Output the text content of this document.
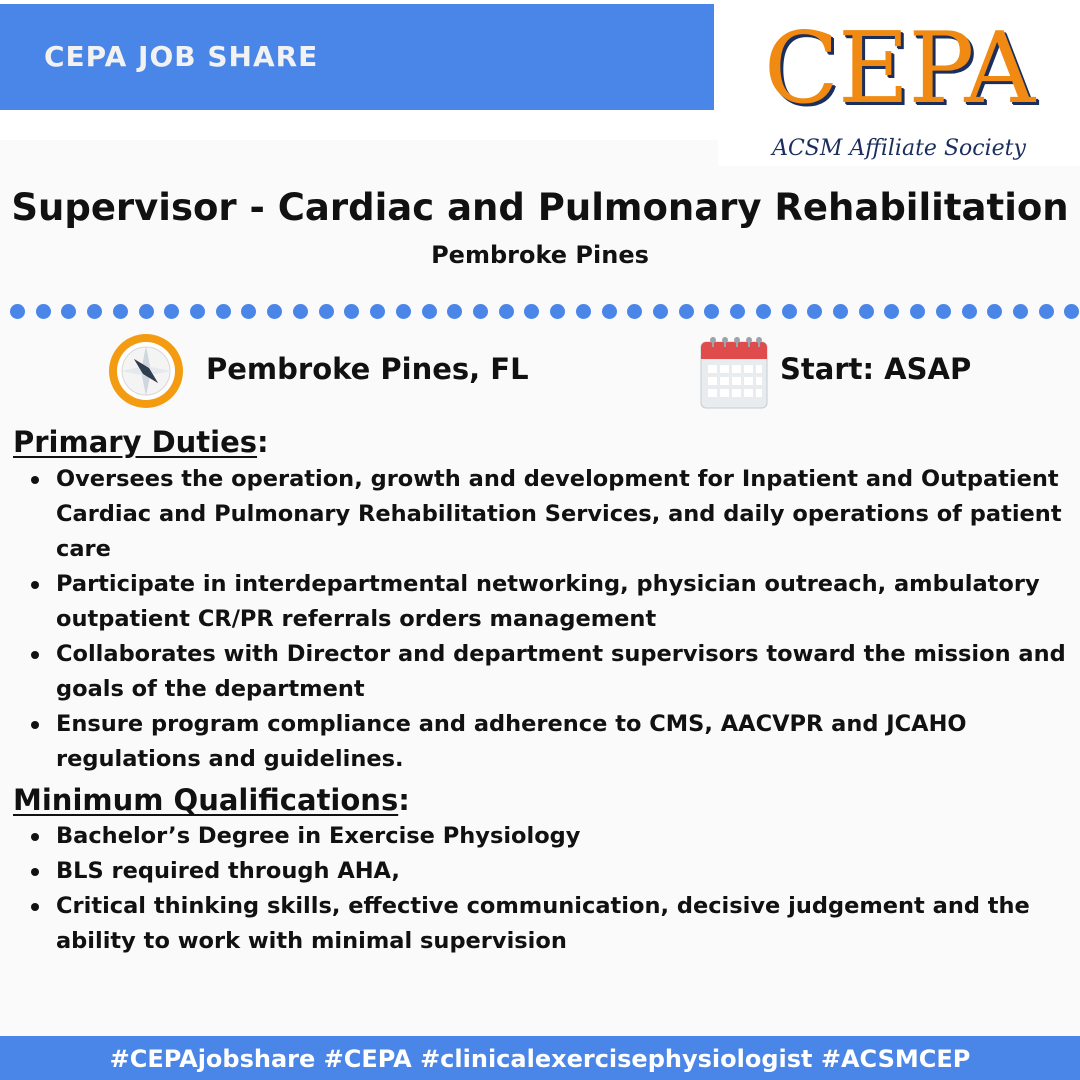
CEPA JOB SHARE	CEPA
ACSM Affiliate Society
Supervisor - Cardiac and Pulmonary Rehabilitation
Pembroke Pines
Pembroke Pines, FL	Start: ASAP
Primary Duties:
Oversees the operation, growth and development for Inpatient and Outpatient Cardiac and Pulmonary Rehabilitation Services, and daily operations of patient care
Participate in interdepartmental networking, physician outreach, ambulatory outpatient CR/PR referrals orders management
Collaborates with Director and department supervisors toward the mission and goals of the department
Ensure program compliance and adherence to CMS, AACVPR and JCAHO regulations and guidelines.
Minimum Qualifications:
Bachelor’s Degree in Exercise Physiology
BLS required through AHA,
Critical thinking skills, effective communication, decisive judgement and the ability to work with minimal supervision
#CEPAjobshare #CEPA #clinicalexercisephysiologist #ACSMCEP
